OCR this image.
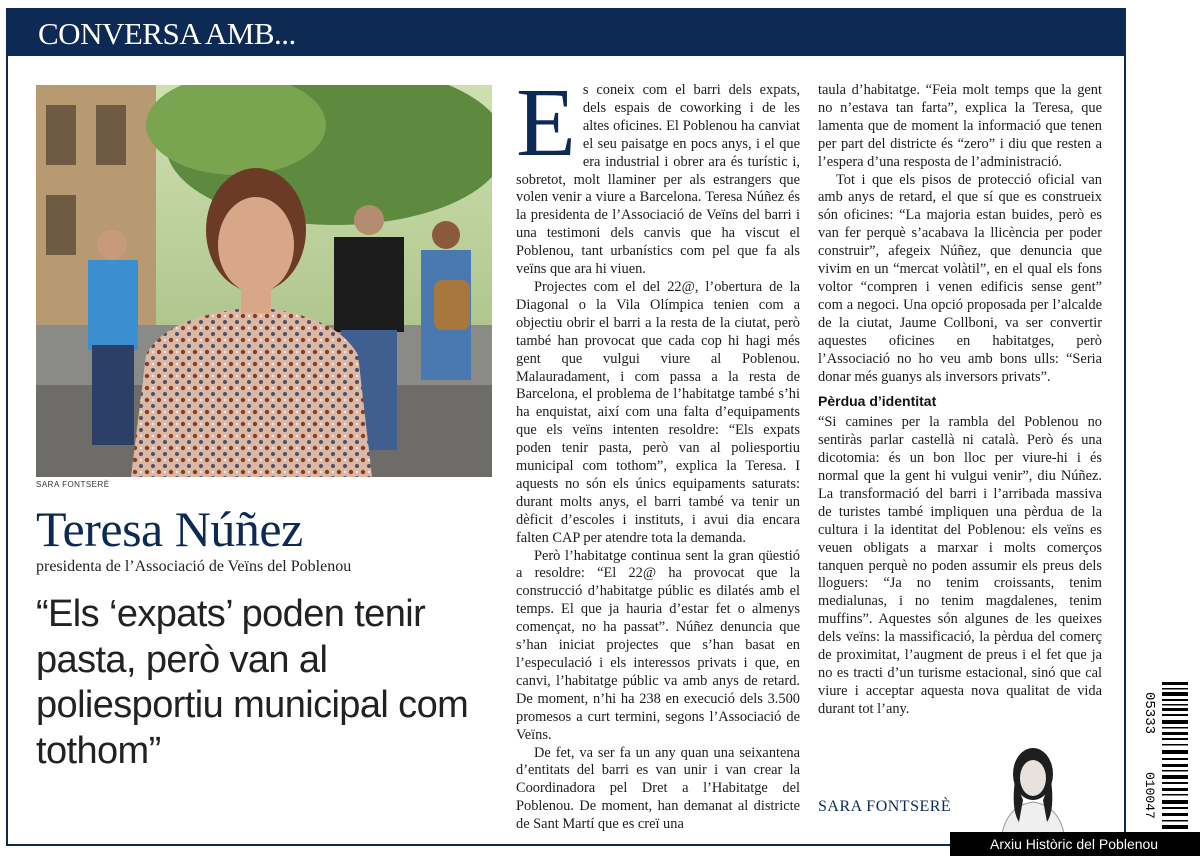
CONVERSA AMB...
SARA FONTSERÈ
Teresa Núñez
presidenta de l’Associació de Veïns del Poblenou
“Els ‘expats’ poden tenir pasta, però van al poliesportiu municipal com tothom”
E s coneix com el barri dels expats, dels espais de coworking i de les altes oficines. El Poblenou ha canviat el seu paisatge en pocs anys, i el que era industrial i obrer ara és turístic i, sobretot, molt llaminer per als estrangers que volen venir a viure a Barcelona. Teresa Núñez és la presidenta de l’Associació de Veïns del barri i una testimoni dels canvis que ha viscut el Poblenou, tant urbanístics com pel que fa als veïns que ara hi viuen.

Projectes com el del 22@, l’obertura de la Diagonal o la Vila Olímpica tenien com a objectiu obrir el barri a la resta de la ciutat, però també han provocat que cada cop hi hagi més gent que vulgui viure al Poblenou. Malauradament, i com passa a la resta de Barcelona, el problema de l’habitatge també s’hi ha enquistat, així com una falta d’equipaments que els veïns intenten resoldre: “Els expats poden tenir pasta, però van al poliesportiu municipal com tothom”, explica la Teresa. I aquests no són els únics equipaments saturats: durant molts anys, el barri també va tenir un dèficit d’escoles i instituts, i avui dia encara falten CAP per atendre tota la demanda.

Però l’habitatge continua sent la gran qüestió a resoldre: “El 22@ ha provocat que la construcció d’habitatge públic es dilatés amb el temps. El que ja hauria d’estar fet o almenys començat, no ha passat”. Núñez denuncia que s’han iniciat projectes que s’han basat en l’especulació i els interessos privats i que, en canvi, l’habitatge públic va amb anys de retard. De moment, n’hi ha 238 en execució dels 3.500 promesos a curt termini, segons l’Associació de Veïns.

De fet, va ser fa un any quan una seixantena d’entitats del barri es van unir i van crear la Coordinadora pel Dret a l’Habitatge del Poblenou. De moment, han demanat al districte de Sant Martí que es creï una

taula d’habitatge. “Feia molt temps que la gent no n’estava tan farta”, explica la Teresa, que lamenta que de moment la informació que tenen per part del districte és “zero” i diu que resten a l’espera d’una resposta de l’administració.

Tot i que els pisos de protecció oficial van amb anys de retard, el que sí que es construeix són oficines: “La majoria estan buides, però es van fer perquè s’acabava la llicència per poder construir”, afegeix Núñez, que denuncia que vivim en un “mercat volàtil”, en el qual els fons voltor “compren i venen edificis sense gent” com a negoci. Una opció proposada per l’alcalde de la ciutat, Jaume Collboni, va ser convertir aquestes oficines en habitatges, però l’Associació no ho veu amb bons ulls: “Seria donar més guanys als inversors privats”.

Pèrdua d’identitat

“Si camines per la rambla del Poblenou no sentiràs parlar castellà ni català. Però és una dicotomia: és un bon lloc per viure-hi i és normal que la gent hi vulgui venir”, diu Núñez. La transformació del barri i l’arribada massiva de turistes també impliquen una pèrdua de la cultura i la identitat del Poblenou: els veïns es veuen obligats a marxar i molts comerços tanquen perquè no poden assumir els preus dels lloguers: “Ja no tenim croissants, tenim medialunas, i no tenim magdalenes, tenim muffins”. Aquestes són algunes de les queixes dels veïns: la massificació, la pèrdua del comerç de proximitat, l’augment de preus i el fet que ja no es tracti d’un turisme estacional, sinó que cal viure i acceptar aquesta nova qualitat de vida durant tot l’any.

SARA FONTSERÈ
05333
010047
Arxiu Històric del Poblenou
